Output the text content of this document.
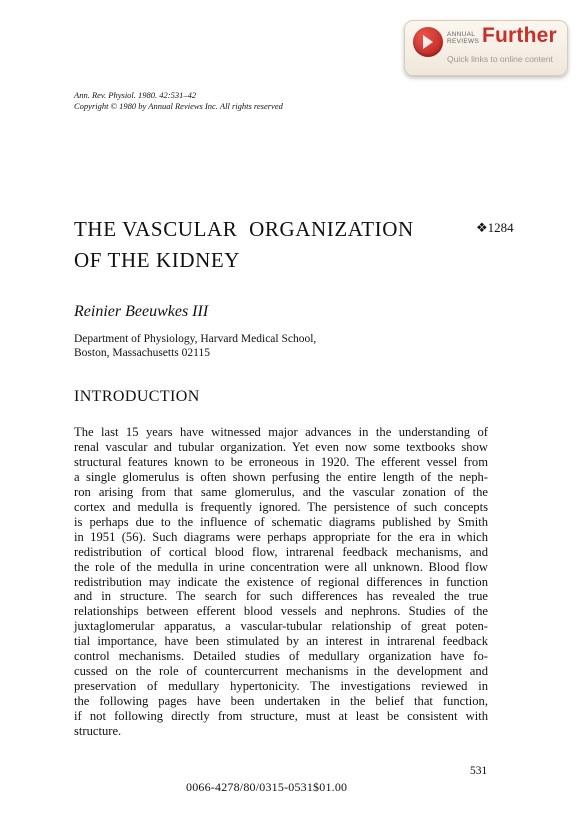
ANNUAL
REVIEWS Further
Quick links to online content
Ann. Rev. Physiol. 1980. 42:531–42
Copyright © 1980 by Annual Reviews Inc. All rights reserved
THE VASCULAR  ORGANIZATION
OF THE KIDNEY
❖1284
Reinier Beeuwkes III
Department of Physiology, Harvard Medical School,
Boston, Massachusetts 02115
INTRODUCTION
The last 15 years have witnessed major advances in the understanding of
renal vascular and tubular organization. Yet even now some textbooks show
structural features known to be erroneous in 1920. The efferent vessel from
a single glomerulus is often shown perfusing the entire length of the neph-
ron arising from that same glomerulus, and the vascular zonation of the
cortex and medulla is frequently ignored. The persistence of such concepts
is perhaps due to the influence of schematic diagrams published by Smith
in 1951 (56). Such diagrams were perhaps appropriate for the era in which
redistribution of cortical blood flow, intrarenal feedback mechanisms, and
the role of the medulla in urine concentration were all unknown. Blood flow
redistribution may indicate the existence of regional differences in function
and in structure. The search for such differences has revealed the true
relationships between efferent blood vessels and nephrons. Studies of the
juxtaglomerular apparatus, a vascular-tubular relationship of great poten-
tial importance, have been stimulated by an interest in intrarenal feedback
control mechanisms. Detailed studies of medullary organization have fo-
cussed on the role of countercurrent mechanisms in the development and
preservation of medullary hypertonicity. The investigations reviewed in
the following pages have been undertaken in the belief that function,
if not following directly from structure, must at least be consistent with
structure.
531
0066-4278/80/0315-0531$01.00
